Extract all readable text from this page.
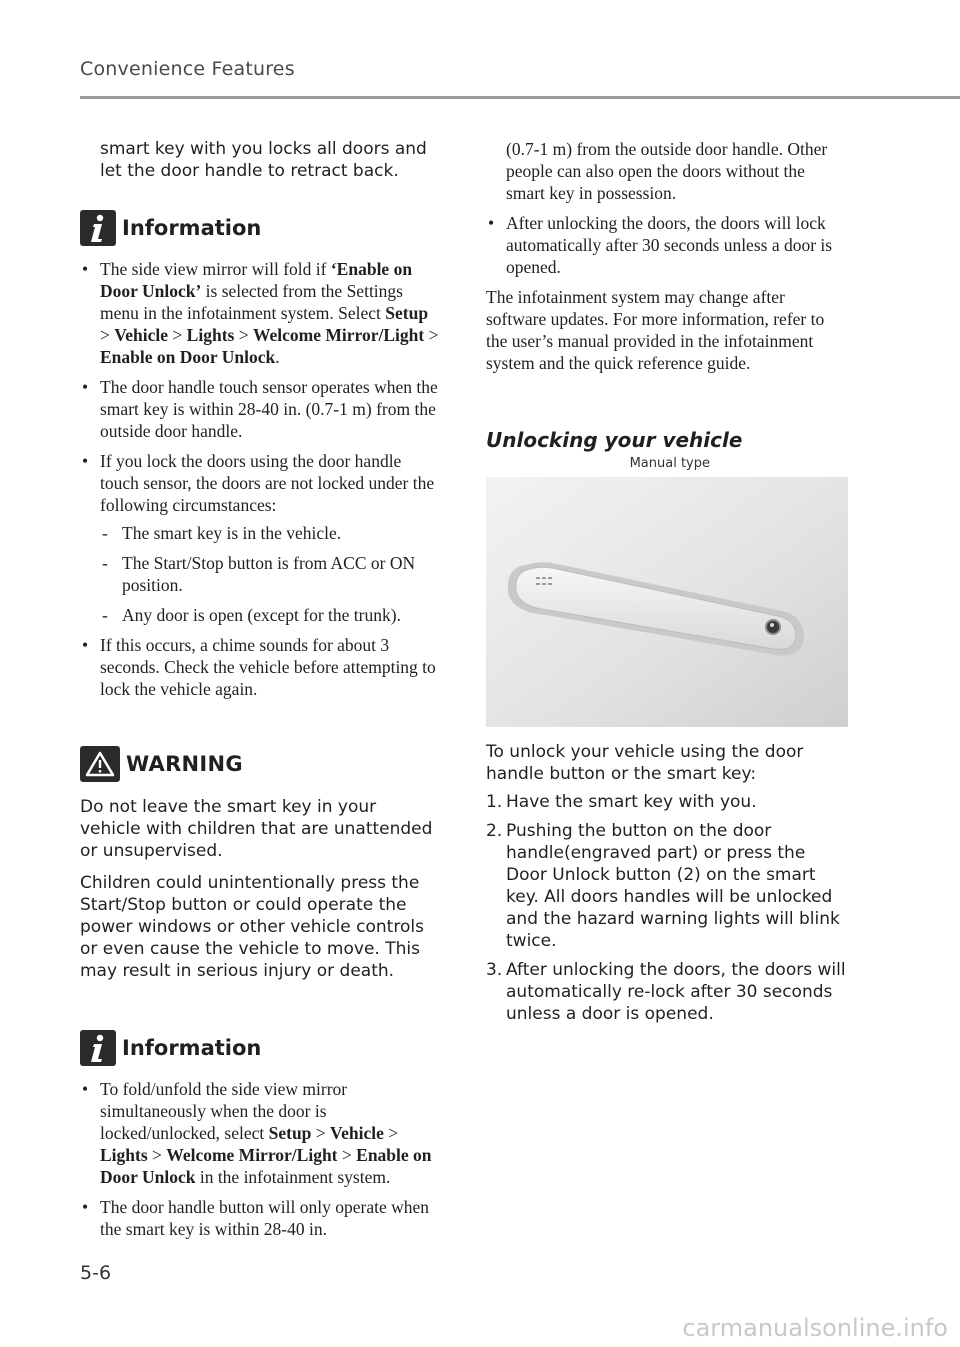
Convenience Features

smart key with you locks all doors and let the door handle to retract back.

Information
• The side view mirror will fold if ‘Enable on Door Unlock’ is selected from the Settings menu in the infotainment system. Select Setup > Vehicle > Lights > Welcome Mirror/Light > Enable on Door Unlock.
• The door handle touch sensor operates when the smart key is within 28-40 in. (0.7-1 m) from the outside door handle.
• If you lock the doors using the door handle touch sensor, the doors are not locked under the following circumstances:
- The smart key is in the vehicle.
- The Start/Stop button is from ACC or ON position.
- Any door is open (except for the trunk).
• If this occurs, a chime sounds for about 3 seconds. Check the vehicle before attempting to lock the vehicle again.
WARNING

Do not leave the smart key in your vehicle with children that are unattended or unsupervised.

Children could unintentionally press the Start/Stop button or could operate the power windows or other vehicle controls or even cause the vehicle to move. This may result in serious injury or death.

Information
• To fold/unfold the side view mirror simultaneously when the door is locked/unlocked, select Setup > Vehicle > Lights > Welcome Mirror/Light > Enable on Door Unlock in the infotainment system.
• The door handle button will only operate when the smart key is within 28-40 in.

(0.7-1 m) from the outside door handle. Other people can also open the doors without the smart key in possession.

• After unlocking the doors, the doors will lock automatically after 30 seconds unless a door is opened.

The infotainment system may change after software updates. For more information, refer to the user’s manual provided in the infotainment system and the quick reference guide.

Unlocking your vehicle
Manual type

To unlock your vehicle using the door handle button or the smart key:

1. Have the smart key with you.
2. Pushing the button on the door handle(engraved part) or press the Door Unlock button (2) on the smart key. All doors handles will be unlocked and the hazard warning lights will blink twice.
3. After unlocking the doors, the doors will automatically re-lock after 30 seconds unless a door is opened.
5-6
carmanualsonline.info
